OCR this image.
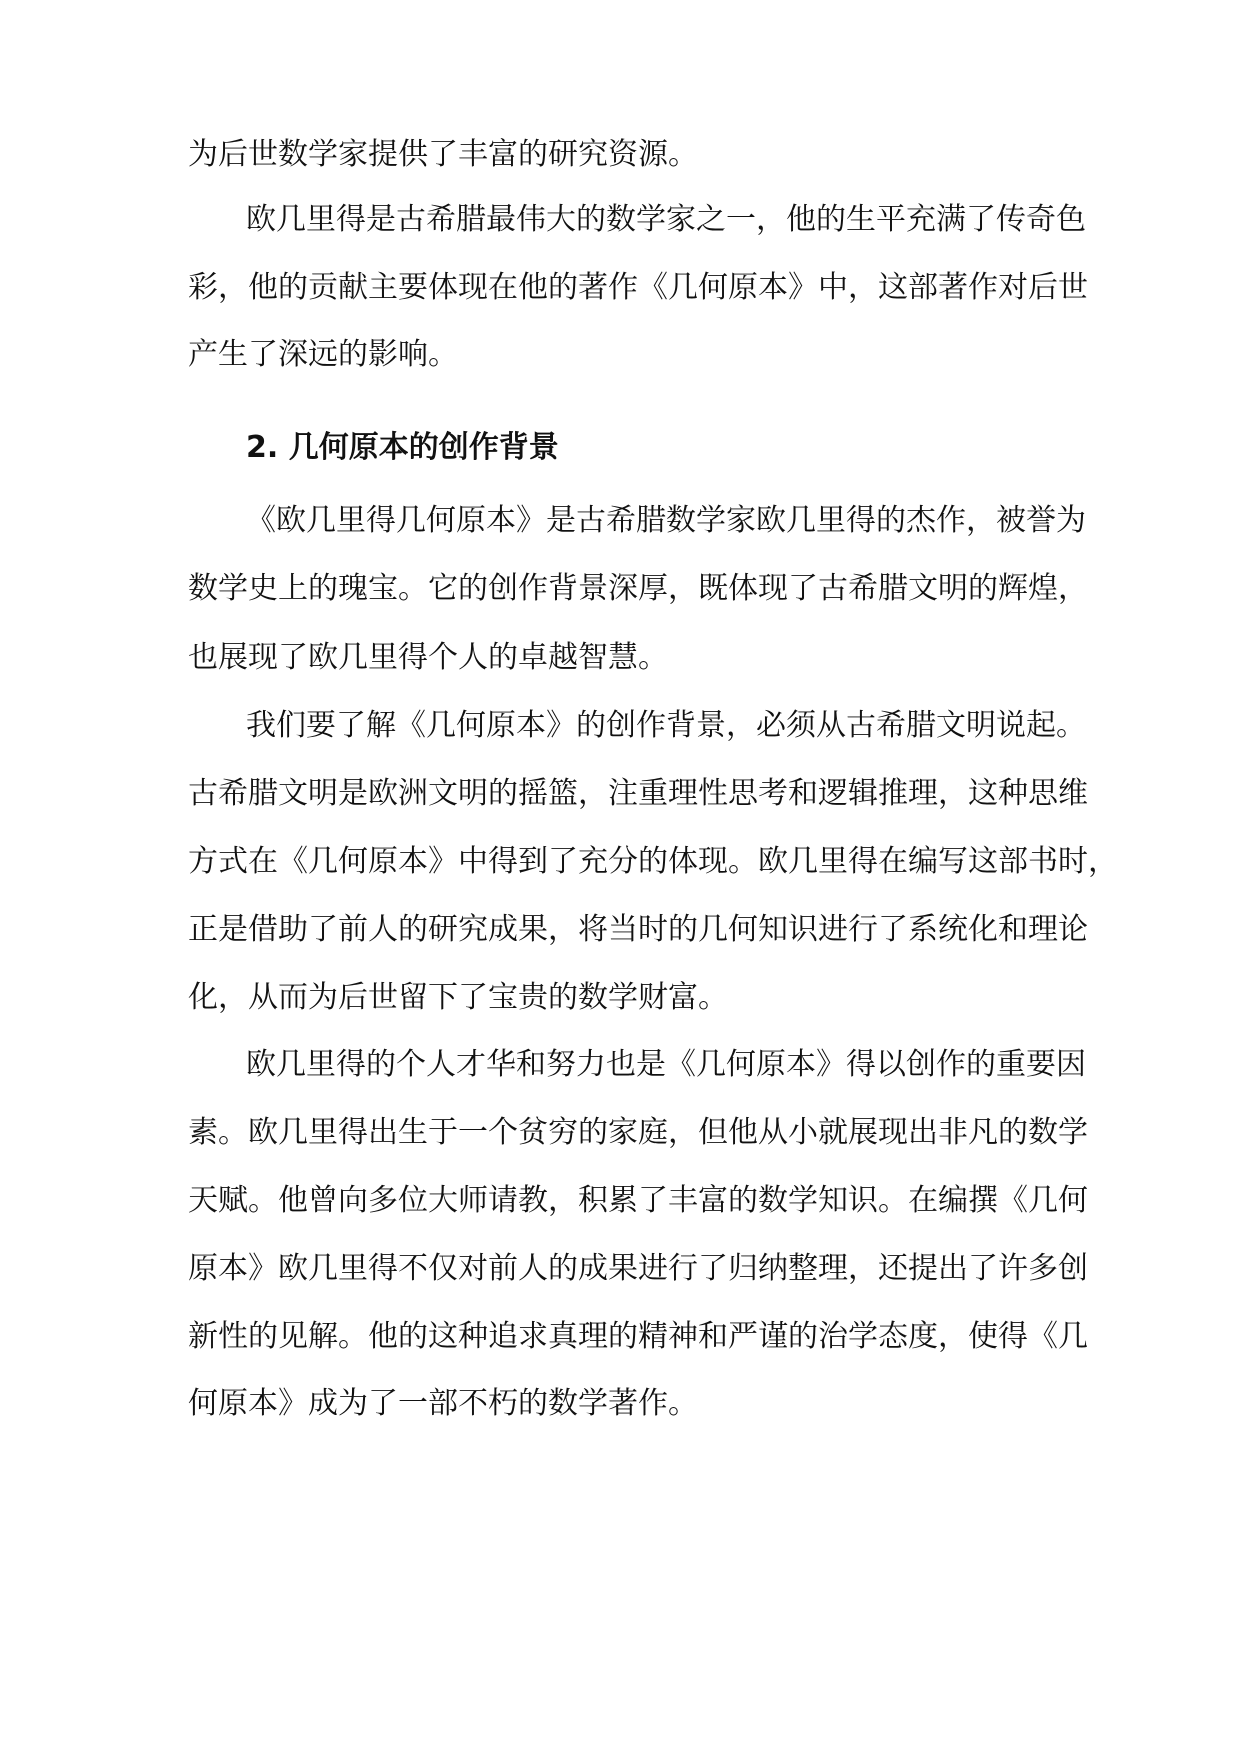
为后世数学家提供了丰富的研究资源。

欧几里得是古希腊最伟大的数学家之一，他的生平充满了传奇色

彩，他的贡献主要体现在他的著作《几何原本》中，这部著作对后世

产生了深远的影响。

2. 几何原本的创作背景

《欧几里得几何原本》是古希腊数学家欧几里得的杰作，被誉为

数学史上的瑰宝。它的创作背景深厚，既体现了古希腊文明的辉煌，

也展现了欧几里得个人的卓越智慧。

我们要了解《几何原本》的创作背景，必须从古希腊文明说起。

古希腊文明是欧洲文明的摇篮，注重理性思考和逻辑推理，这种思维

方式在《几何原本》中得到了充分的体现。欧几里得在编写这部书时，

正是借助了前人的研究成果，将当时的几何知识进行了系统化和理论

化，从而为后世留下了宝贵的数学财富。

欧几里得的个人才华和努力也是《几何原本》得以创作的重要因

素。欧几里得出生于一个贫穷的家庭，但他从小就展现出非凡的数学

天赋。他曾向多位大师请教，积累了丰富的数学知识。在编撰《几何

原本》欧几里得不仅对前人的成果进行了归纳整理，还提出了许多创

新性的见解。他的这种追求真理的精神和严谨的治学态度，使得《几

何原本》成为了一部不朽的数学著作。
